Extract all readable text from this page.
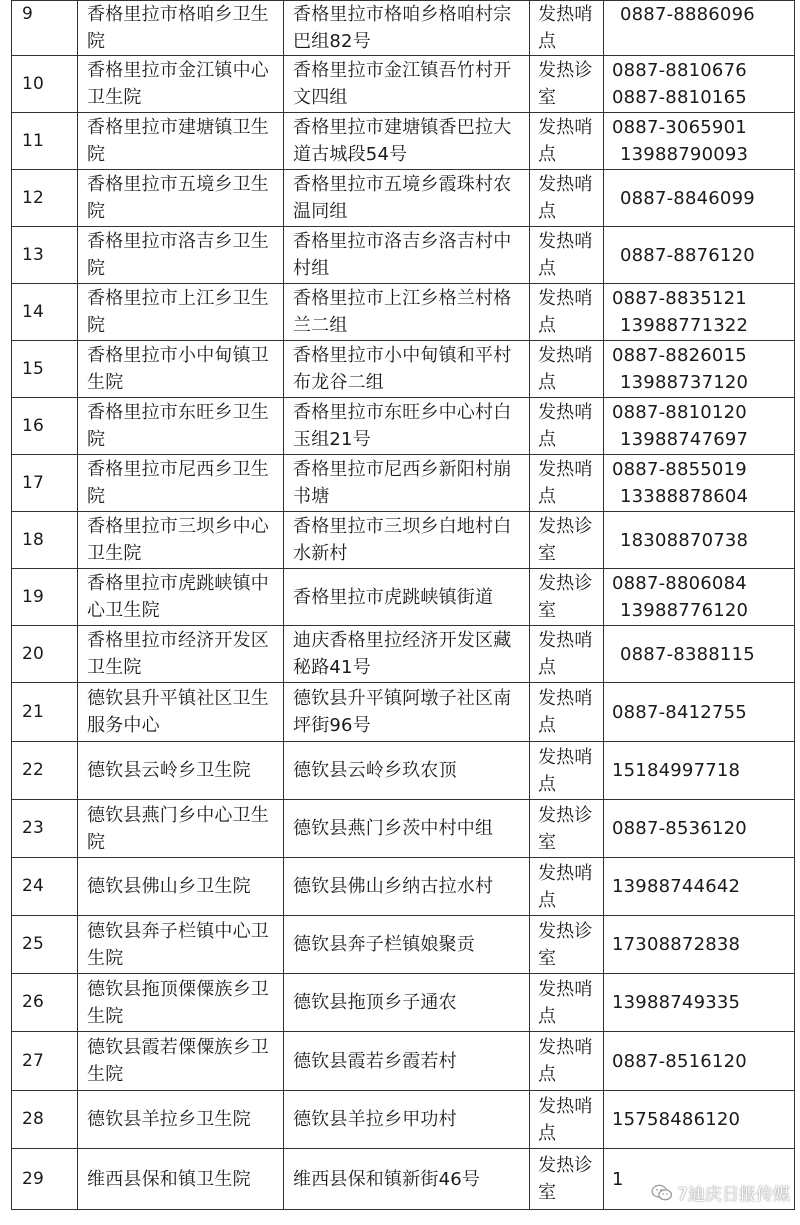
9	香格里拉市格咱乡卫生院	香格里拉市格咱乡格咱村宗巴组82号	发热哨点	0887-8886096

10	香格里拉市金江镇中心卫生院	香格里拉市金江镇吾竹村开文四组	发热诊室	0887-8810676
0887-8810165

11	香格里拉市建塘镇卫生院	香格里拉市建塘镇香巴拉大道古城段54号	发热哨点	0887-3065901
13988790093

12	香格里拉市五境乡卫生院	香格里拉市五境乡霞珠村农温同组	发热哨点	0887-8846099

13	香格里拉市洛吉乡卫生院	香格里拉市洛吉乡洛吉村中村组	发热哨点	0887-8876120

14	香格里拉市上江乡卫生院	香格里拉市上江乡格兰村格兰二组	发热哨点	0887-8835121
13988771322

15	香格里拉市小中甸镇卫生院	香格里拉市小中甸镇和平村布龙谷二组	发热哨点	0887-8826015
13988737120

16	香格里拉市东旺乡卫生院	香格里拉市东旺乡中心村白玉组21号	发热哨点	0887-8810120
13988747697

17	香格里拉市尼西乡卫生院	香格里拉市尼西乡新阳村崩书塘	发热哨点	0887-8855019
13388878604

18	香格里拉市三坝乡中心卫生院	香格里拉市三坝乡白地村白水新村	发热诊室	18308870738

19	香格里拉市虎跳峡镇中心卫生院	香格里拉市虎跳峡镇街道	发热诊室	0887-8806084
13988776120

20	香格里拉市经济开发区卫生院	迪庆香格里拉经济开发区藏秘路41号	发热哨点	0887-8388115

21	德钦县升平镇社区卫生服务中心	德钦县升平镇阿墩子社区南坪街96号	发热哨点	0887-8412755

22	德钦县云岭乡卫生院	德钦县云岭乡玖农顶	发热哨点	15184997718

23	德钦县燕门乡中心卫生院	德钦县燕门乡茨中村中组	发热诊室	0887-8536120

24	德钦县佛山乡卫生院	德钦县佛山乡纳古拉水村	发热哨点	13988744642

25	德钦县奔子栏镇中心卫生院	德钦县奔子栏镇娘聚贡	发热诊室	17308872838

26	德钦县拖顶傈僳族乡卫生院	德钦县拖顶乡子通农	发热哨点	13988749335

27	德钦县霞若傈僳族乡卫生院	德钦县霞若乡霞若村	发热哨点	0887-8516120

28	德钦县羊拉乡卫生院	德钦县羊拉乡甲功村	发热哨点	15758486120

29	维西县保和镇卫生院	维西县保和镇新街46号	发热诊室	1
7迪庆日报传媒
